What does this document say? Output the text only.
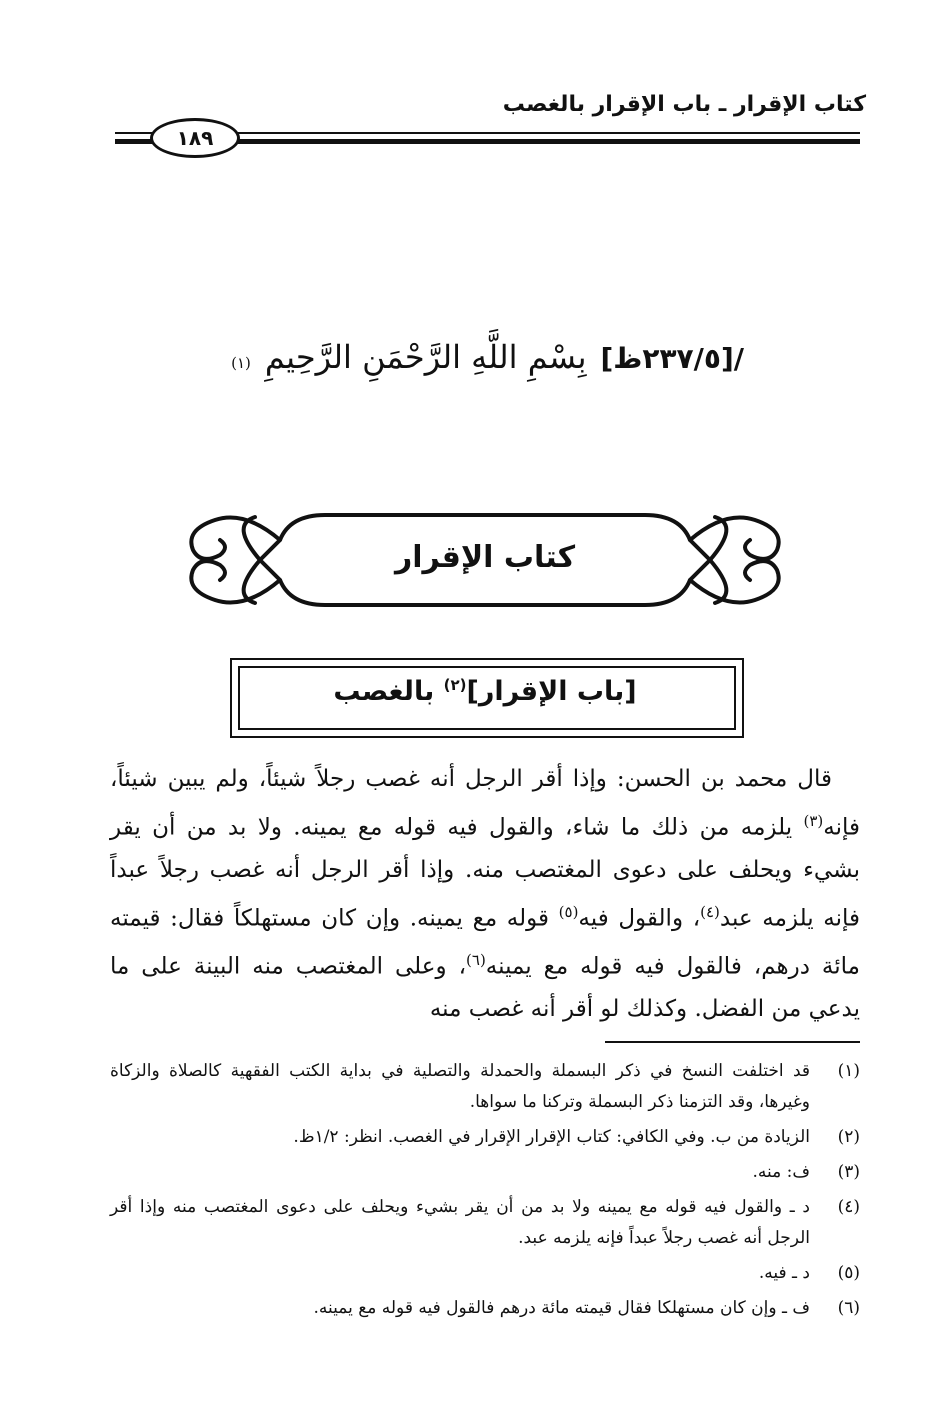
كتاب الإقرار ـ باب الإقرار بالغصب
١٨٩
/[٢٣٧/٥ظ]
بِسْمِ اللَّهِ الرَّحْمَنِ الرَّحِيمِ
(١)
كتاب الإقرار
[باب الإقرار]$^{(٢)}$ بالغصب

قال محمد بن الحسن: وإذا أقر الرجل أنه غصب رجلاً شيئاً، ولم يبين شيئاً، فإنه$^{(٣)}$ يلزمه من ذلك ما شاء، والقول فيه قوله مع يمينه. ولا بد من أن يقر بشيء ويحلف على دعوى المغتصب منه. وإذا أقر الرجل أنه غصب رجلاً عبداً فإنه يلزمه عبد$^{(٤)}$، والقول فيه$^{(٥)}$ قوله مع يمينه. وإن كان مستهلكاً فقال: قيمته مائة درهم، فالقول فيه قوله مع يمينه$^{(٦)}$، وعلى المغتصب منه البينة على ما يدعي من الفضل. وكذلك لو أقر أنه غصب منه

(١)
قد اختلفت النسخ في ذكر البسملة والحمدلة والتصلية في بداية الكتب الفقهية كالصلاة والزكاة وغيرها، وقد التزمنا ذكر البسملة وتركنا ما سواها.
(٢)
الزيادة من ب. وفي الكافي: كتاب الإقرار الإقرار في الغصب. انظر: ١/٢ظ.
(٣)
ف: منه.
(٤)
د ـ والقول فيه قوله مع يمينه ولا بد من أن يقر بشيء ويحلف على دعوى المغتصب منه وإذا أقر الرجل أنه غصب رجلاً عبداً فإنه يلزمه عبد.
(٥)
د ـ فيه.
(٦)
ف ـ وإن كان مستهلكا فقال قيمته مائة درهم فالقول فيه قوله مع يمينه.
